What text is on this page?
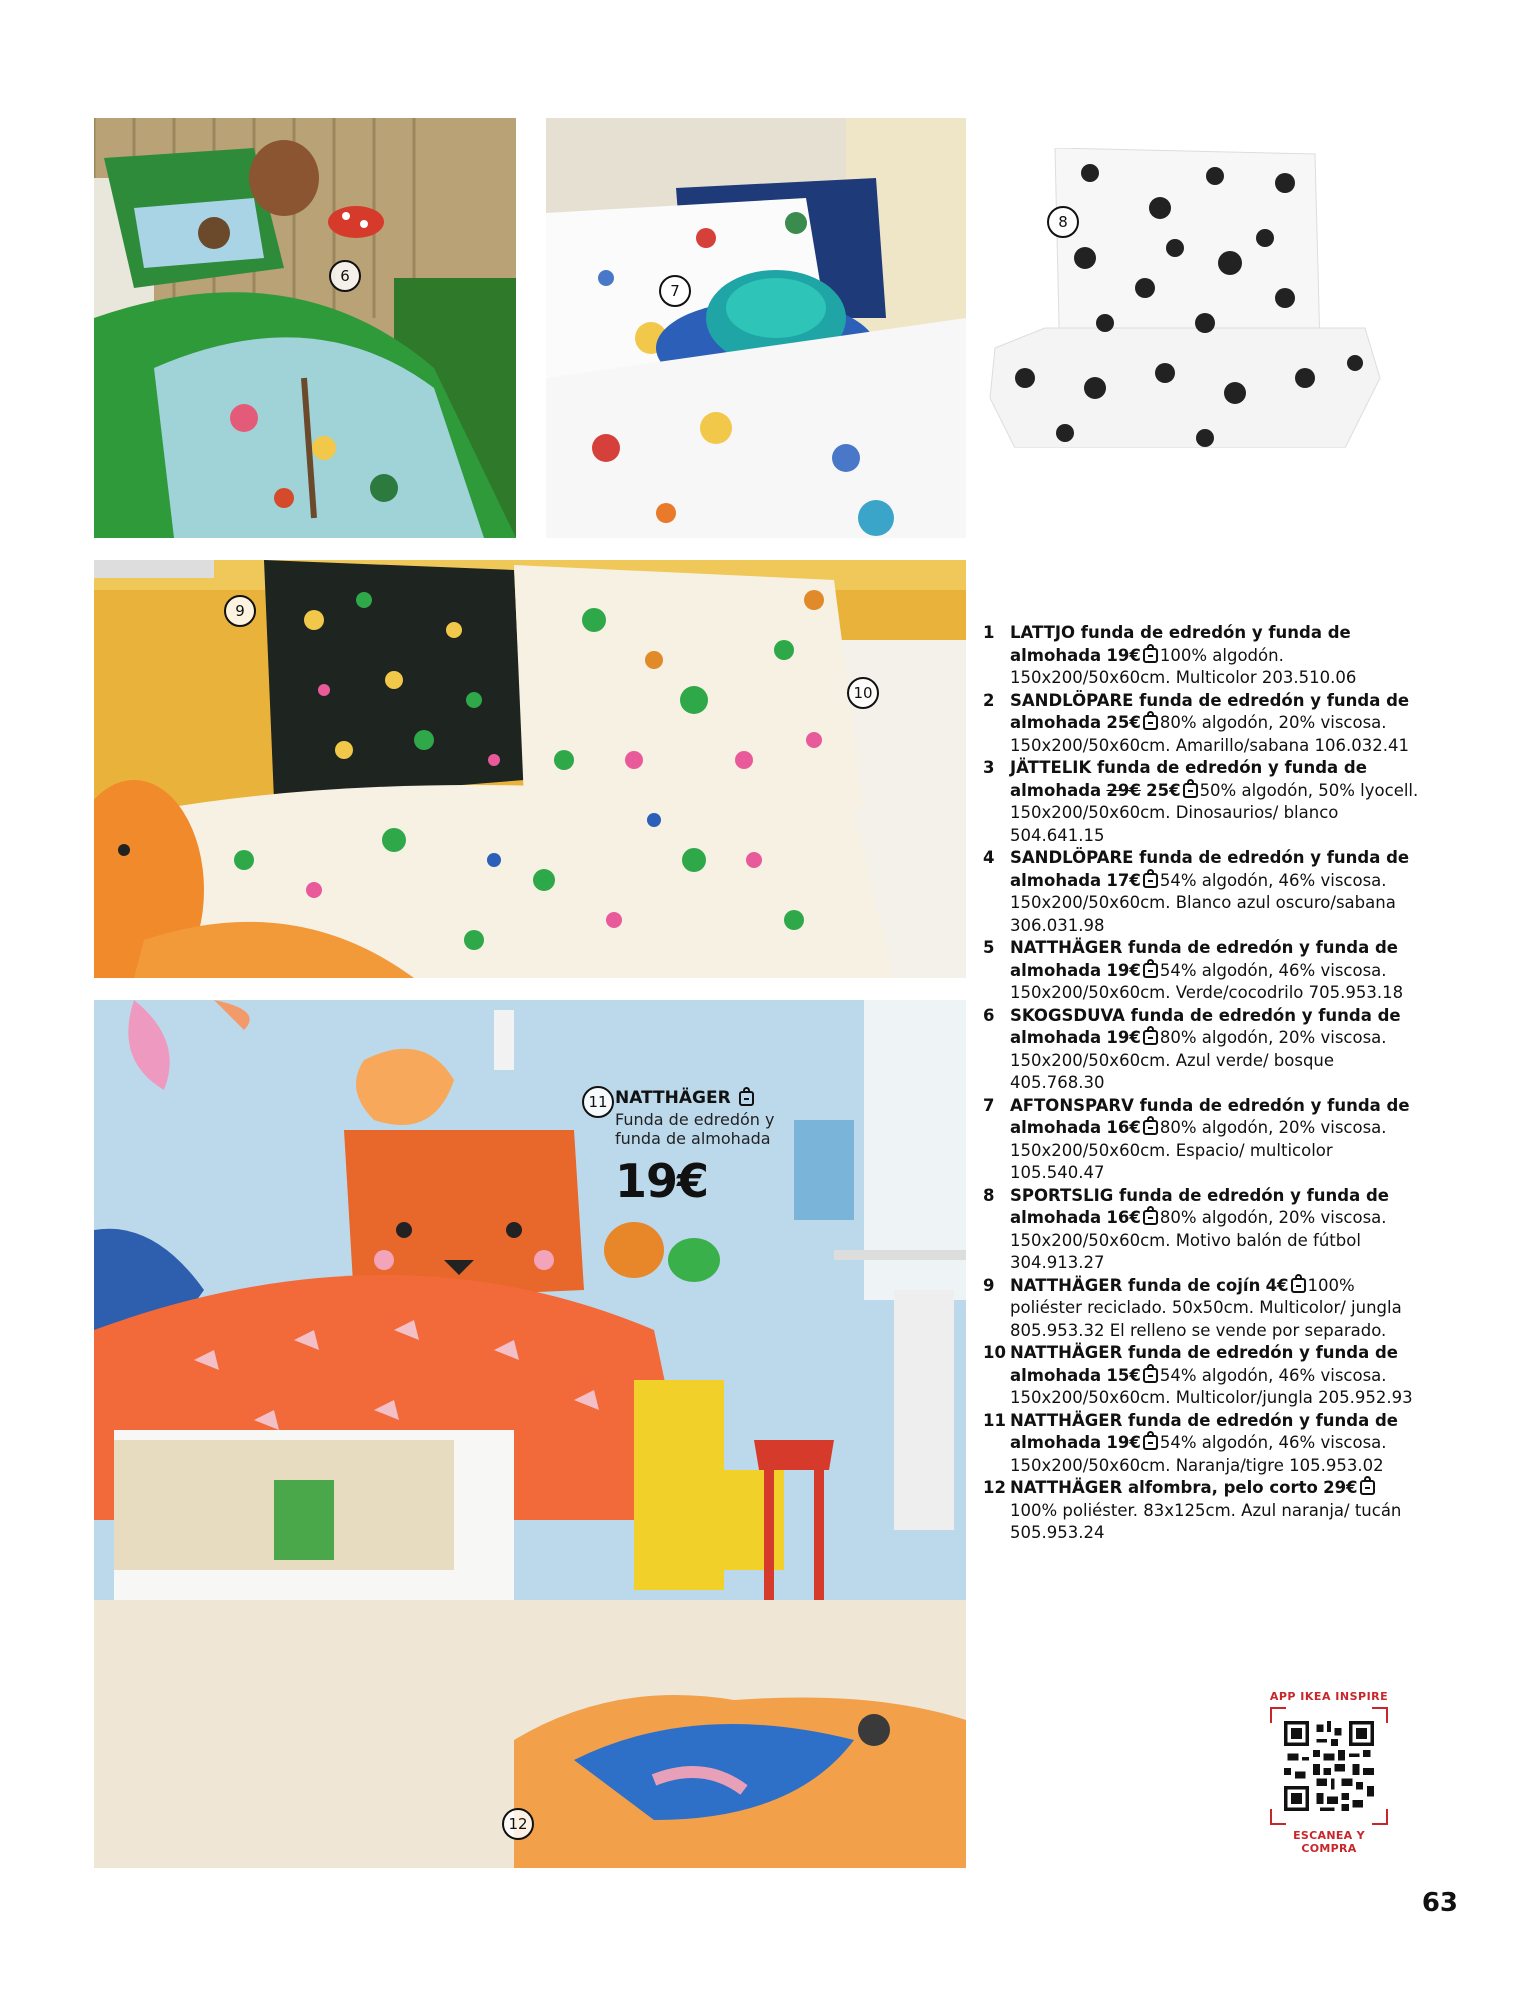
6
7
8
9
10
11
12
NATTHÄGER
Funda de edredón y funda de almohada
19€
1 LATTJO funda de edredón y funda de almohada 19€ 100% algodón. 150x200/50x60cm. Multicolor 203.510.06
2 SANDLÖPARE funda de edredón y funda de almohada 25€ 80% algodón, 20% viscosa. 150x200/50x60cm. Amarillo/sabana 106.032.41
3 JÄTTELIK funda de edredón y funda de almohada 29€ 25€ 50% algodón, 50% lyocell. 150x200/50x60cm. Dinosaurios/ blanco 504.641.15
4 SANDLÖPARE funda de edredón y funda de almohada 17€ 54% algodón, 46% viscosa. 150x200/50x60cm. Blanco azul oscuro/sabana 306.031.98
5 NATTHÄGER funda de edredón y funda de almohada 19€ 54% algodón, 46% viscosa. 150x200/50x60cm. Verde/cocodrilo 705.953.18
6 SKOGSDUVA funda de edredón y funda de almohada 19€ 80% algodón, 20% viscosa. 150x200/50x60cm. Azul verde/ bosque 405.768.30
7 AFTONSPARV funda de edredón y funda de almohada 16€ 80% algodón, 20% viscosa. 150x200/50x60cm. Espacio/ multicolor 105.540.47
8 SPORTSLIG funda de edredón y funda de almohada 16€ 80% algodón, 20% viscosa. 150x200/50x60cm. Motivo balón de fútbol 304.913.27
9 NATTHÄGER funda de cojín 4€ 100% poliéster reciclado. 50x50cm. Multicolor/ jungla 805.953.32 El relleno se vende por separado.
10 NATTHÄGER funda de edredón y funda de almohada 15€ 54% algodón, 46% viscosa. 150x200/50x60cm. Multicolor/jungla 205.952.93
11 NATTHÄGER funda de edredón y funda de almohada 19€ 54% algodón, 46% viscosa. 150x200/50x60cm. Naranja/tigre 105.953.02
12 NATTHÄGER alfombra, pelo corto 29€100% poliéster. 83x125cm. Azul naranja/ tucán 505.953.24
APP IKEA INSPIRE
ESCANEA Y COMPRA
63
